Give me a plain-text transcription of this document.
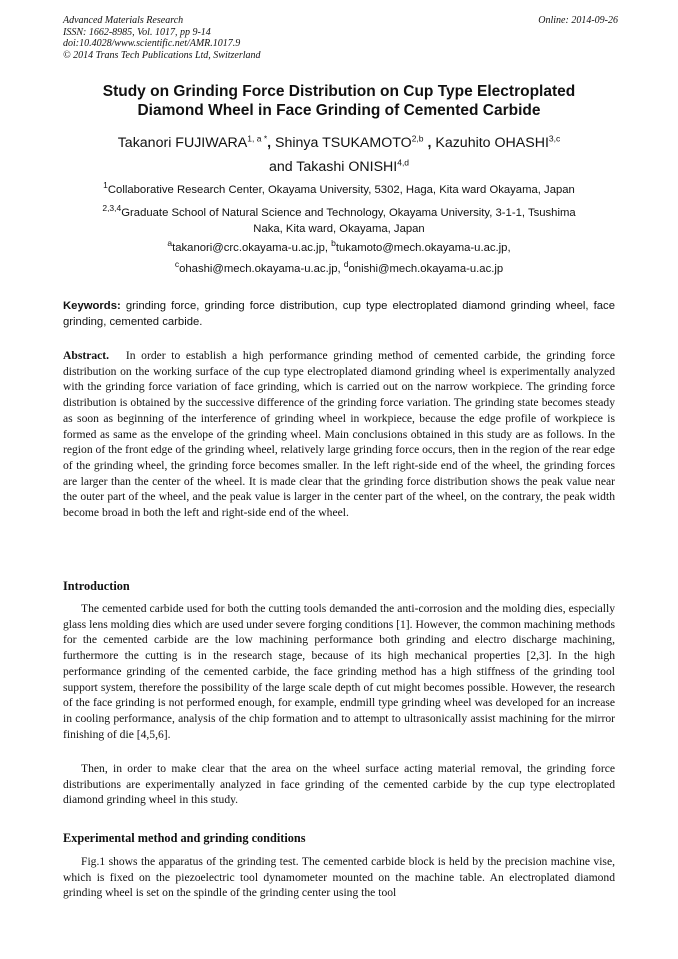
Advanced Materials Research
ISSN: 1662-8985, Vol. 1017, pp 9-14
doi:10.4028/www.scientific.net/AMR.1017.9
© 2014 Trans Tech Publications Ltd, Switzerland
Online: 2014-09-26
Study on Grinding Force Distribution on Cup Type Electroplated
Diamond Wheel in Face Grinding of Cemented Carbide
Takanori $FUJIWARA^{1, a *}$, Shinya TSUKAMOTO$^{2,b}$ , Kazuhito OHASHI$^{3,c}$
and Takashi ONISHI$^{4,d}$
$^1$Collaborative Research Center, Okayama University, 5302, Haga, Kita ward Okayama, Japan
$^{2,3,4}$Graduate School of Natural Science and Technology, Okayama University, 3-1-1, Tsushima
Naka, Kita ward, Okayama, Japan
$^a$takanori@crc.okayama-u.ac.jp, $^b$tukamoto@mech.okayama-u.ac.jp,
$^c$ohashi@mech.okayama-u.ac.jp, $^d$onishi@mech.okayama-u.ac.jp
Keywords: grinding force, grinding force distribution, cup type electroplated diamond grinding wheel, face grinding, cemented carbide.

Abstract. In order to establish a high performance grinding method of cemented carbide, the grinding force distribution on the working surface of the cup type electroplated diamond grinding wheel is experimentally analyzed with the grinding force variation of face grinding, which is carried out on the narrow workpiece. The grinding force distribution is obtained by the successive difference of the grinding force variation. The grinding state becomes steady as soon as beginning of the interference of grinding wheel in workpiece, because the edge profile of workpiece is formed as same as the envelope of the grinding wheel. Main conclusions obtained in this study are as follows. In the region of the front edge of the grinding wheel, relatively large grinding force occurs, then in the region of the rear edge of the grinding wheel, the grinding force becomes smaller. In the left right-side end of the wheel, the grinding forces are larger than the center of the wheel. It is made clear that the grinding force distribution shows the peak value near the outer part of the wheel, and the peak value is larger in the center part of the wheel, on the contrary, the peak width become broad in both the left and right-side end of the wheel.

Introduction

The cemented carbide used for both the cutting tools demanded the anti-corrosion and the molding dies, especially glass lens molding dies which are used under severe forging conditions [1]. However, the common machining methods for the cemented carbide are the low machining performance both grinding and electro discharge machining, furthermore the cutting is in the research stage, because of its high mechanical properties [2,3]. In the high performance grinding of the cemented carbide, the face grinding method has a high stiffness of the grinding tool support system, therefore the possibility of the large scale depth of cut might becomes possible. However, the research of the face grinding is not performed enough, for example, endmill type grinding wheel was developed for an increase in cooling performance, analysis of the chip formation and to attempt to ultrasonically assist machining for the mirror finishing of die [4,5,6].

Then, in order to make clear that the area on the wheel surface acting material removal, the grinding force distributions are experimentally analyzed in face grinding of the cemented carbide by the cup type electroplated diamond grinding wheel in this study.

Experimental method and grinding conditions

Fig.1 shows the apparatus of the grinding test. The cemented carbide block is held by the precision machine vise, which is fixed on the piezoelectric tool dynamometer mounted on the machine table. An electroplated diamond grinding wheel is set on the spindle of the grinding center using the tool
